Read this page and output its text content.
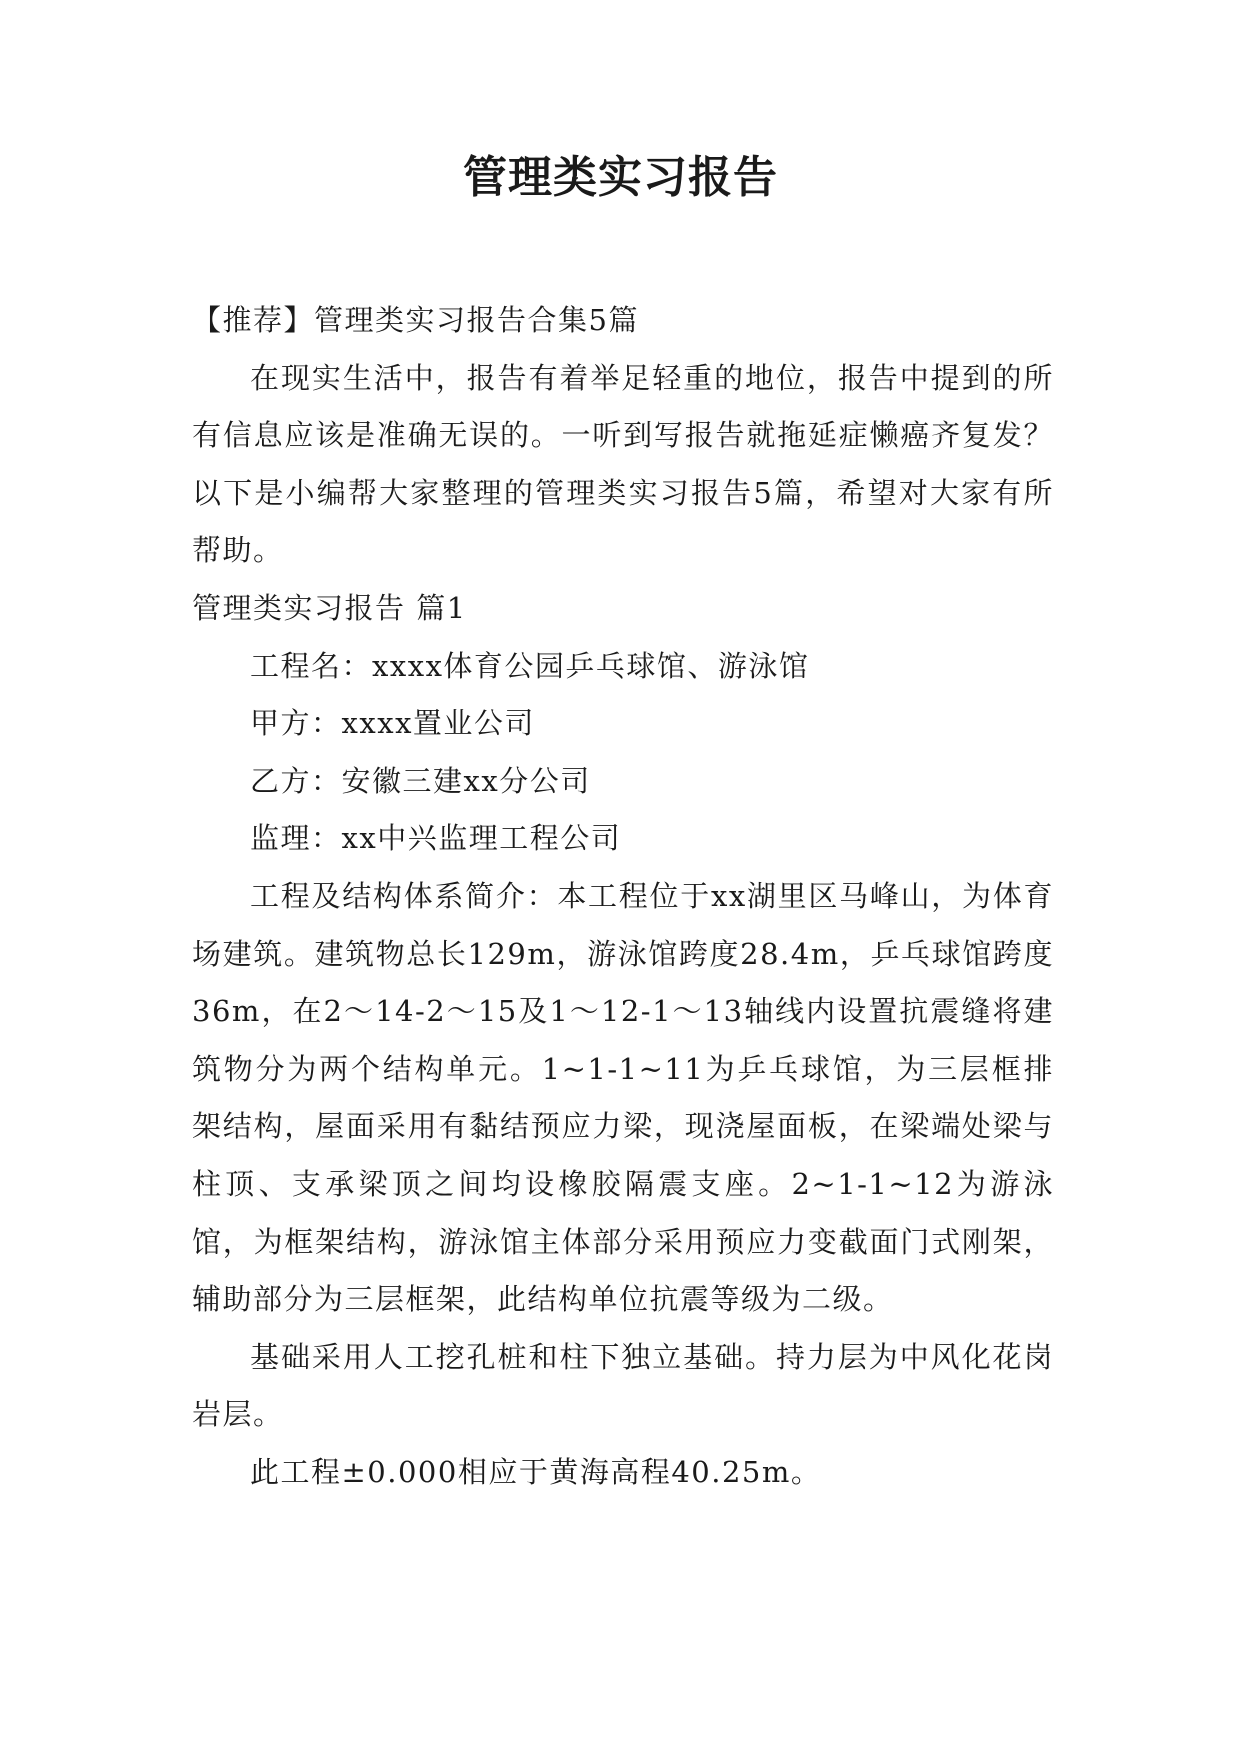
管理类实习报告

【推荐】管理类实习报告合集5篇

在现实生活中，报告有着举足轻重的地位，报告中提到的所有信息应该是准确无误的。一听到写报告就拖延症懒癌齐复发？以下是小编帮大家整理的管理类实习报告5篇，希望对大家有所帮助。

管理类实习报告 篇1

工程名：xxxx体育公园乒乓球馆、游泳馆

甲方：xxxx置业公司

乙方：安徽三建xx分公司

监理：xx中兴监理工程公司

工程及结构体系简介：本工程位于xx湖里区马峰山，为体育场建筑。建筑物总长129m，游泳馆跨度28.4m，乒乓球馆跨度36m，在2～14-2～15及1～12-1～13轴线内设置抗震缝将建筑物分为两个结构单元。1~1-1~11为乒乓球馆，为三层框排架结构，屋面采用有黏结预应力梁，现浇屋面板，在梁端处梁与柱顶、支承梁顶之间均设橡胶隔震支座。2~1-1~12为游泳馆，为框架结构，游泳馆主体部分采用预应力变截面门式刚架，辅助部分为三层框架，此结构单位抗震等级为二级。

基础采用人工挖孔桩和柱下独立基础。持力层为中风化花岗岩层。

此工程±0.000相应于黄海高程40.25m。
